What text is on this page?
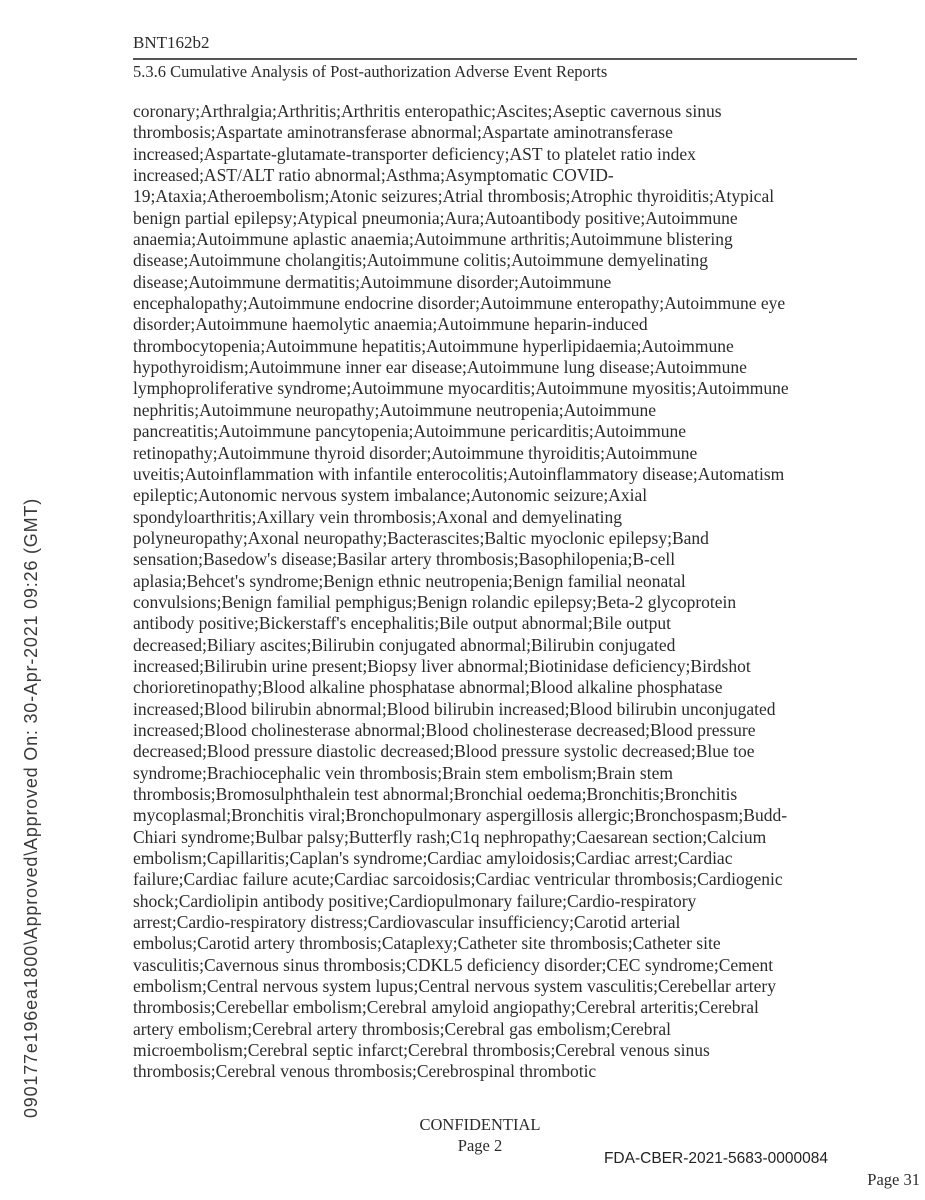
090177e196ea1800\Approved\Approved On: 30-Apr-2021 09:26 (GMT)
BNT162b2
5.3.6 Cumulative Analysis of Post-authorization Adverse Event Reports
coronary;Arthralgia;Arthritis;Arthritis enteropathic;Ascites;Aseptic cavernous sinus
thrombosis;Aspartate aminotransferase abnormal;Aspartate aminotransferase
increased;Aspartate-glutamate-transporter deficiency;AST to platelet ratio index
increased;AST/ALT ratio abnormal;Asthma;Asymptomatic COVID-
19;Ataxia;Atheroembolism;Atonic seizures;Atrial thrombosis;Atrophic thyroiditis;Atypical
benign partial epilepsy;Atypical pneumonia;Aura;Autoantibody positive;Autoimmune
anaemia;Autoimmune aplastic anaemia;Autoimmune arthritis;Autoimmune blistering
disease;Autoimmune cholangitis;Autoimmune colitis;Autoimmune demyelinating
disease;Autoimmune dermatitis;Autoimmune disorder;Autoimmune
encephalopathy;Autoimmune endocrine disorder;Autoimmune enteropathy;Autoimmune eye
disorder;Autoimmune haemolytic anaemia;Autoimmune heparin-induced
thrombocytopenia;Autoimmune hepatitis;Autoimmune hyperlipidaemia;Autoimmune
hypothyroidism;Autoimmune inner ear disease;Autoimmune lung disease;Autoimmune
lymphoproliferative syndrome;Autoimmune myocarditis;Autoimmune myositis;Autoimmune
nephritis;Autoimmune neuropathy;Autoimmune neutropenia;Autoimmune
pancreatitis;Autoimmune pancytopenia;Autoimmune pericarditis;Autoimmune
retinopathy;Autoimmune thyroid disorder;Autoimmune thyroiditis;Autoimmune
uveitis;Autoinflammation with infantile enterocolitis;Autoinflammatory disease;Automatism
epileptic;Autonomic nervous system imbalance;Autonomic seizure;Axial
spondyloarthritis;Axillary vein thrombosis;Axonal and demyelinating
polyneuropathy;Axonal neuropathy;Bacterascites;Baltic myoclonic epilepsy;Band
sensation;Basedow's disease;Basilar artery thrombosis;Basophilopenia;B-cell
aplasia;Behcet's syndrome;Benign ethnic neutropenia;Benign familial neonatal
convulsions;Benign familial pemphigus;Benign rolandic epilepsy;Beta-2 glycoprotein
antibody positive;Bickerstaff's encephalitis;Bile output abnormal;Bile output
decreased;Biliary ascites;Bilirubin conjugated abnormal;Bilirubin conjugated
increased;Bilirubin urine present;Biopsy liver abnormal;Biotinidase deficiency;Birdshot
chorioretinopathy;Blood alkaline phosphatase abnormal;Blood alkaline phosphatase
increased;Blood bilirubin abnormal;Blood bilirubin increased;Blood bilirubin unconjugated
increased;Blood cholinesterase abnormal;Blood cholinesterase decreased;Blood pressure
decreased;Blood pressure diastolic decreased;Blood pressure systolic decreased;Blue toe
syndrome;Brachiocephalic vein thrombosis;Brain stem embolism;Brain stem
thrombosis;Bromosulphthalein test abnormal;Bronchial oedema;Bronchitis;Bronchitis
mycoplasmal;Bronchitis viral;Bronchopulmonary aspergillosis allergic;Bronchospasm;Budd-
Chiari syndrome;Bulbar palsy;Butterfly rash;C1q nephropathy;Caesarean section;Calcium
embolism;Capillaritis;Caplan's syndrome;Cardiac amyloidosis;Cardiac arrest;Cardiac
failure;Cardiac failure acute;Cardiac sarcoidosis;Cardiac ventricular thrombosis;Cardiogenic
shock;Cardiolipin antibody positive;Cardiopulmonary failure;Cardio-respiratory
arrest;Cardio-respiratory distress;Cardiovascular insufficiency;Carotid arterial
embolus;Carotid artery thrombosis;Cataplexy;Catheter site thrombosis;Catheter site
vasculitis;Cavernous sinus thrombosis;CDKL5 deficiency disorder;CEC syndrome;Cement
embolism;Central nervous system lupus;Central nervous system vasculitis;Cerebellar artery
thrombosis;Cerebellar embolism;Cerebral amyloid angiopathy;Cerebral arteritis;Cerebral
artery embolism;Cerebral artery thrombosis;Cerebral gas embolism;Cerebral
microembolism;Cerebral septic infarct;Cerebral thrombosis;Cerebral venous sinus
thrombosis;Cerebral venous thrombosis;Cerebrospinal thrombotic
CONFIDENTIAL
Page 2
FDA-CBER-2021-5683-0000084
Page 31
